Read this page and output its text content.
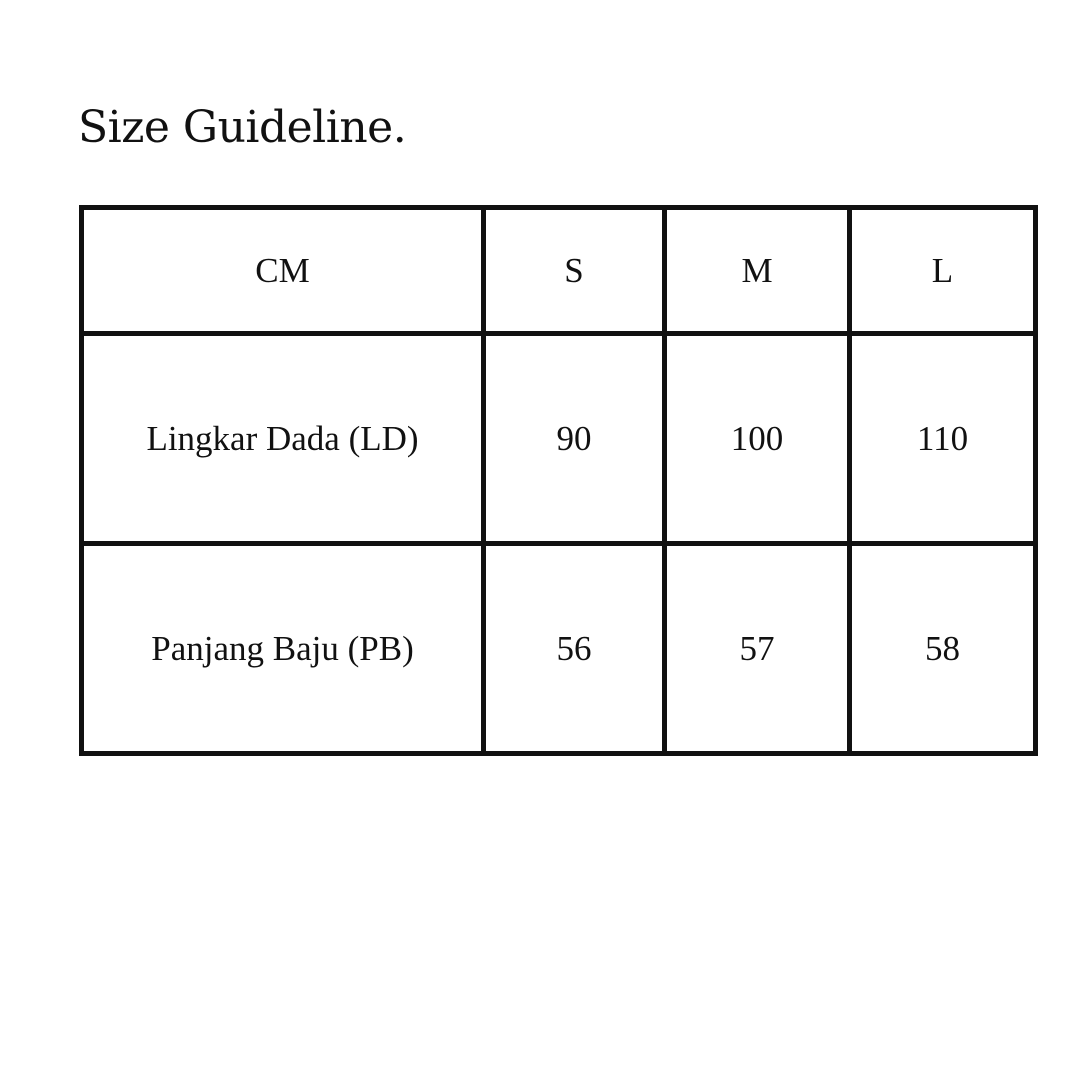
Size Guideline.
CM	S	M	L
Lingkar Dada (LD)	90	100	110
Panjang Baju (PB)	56	57	58
